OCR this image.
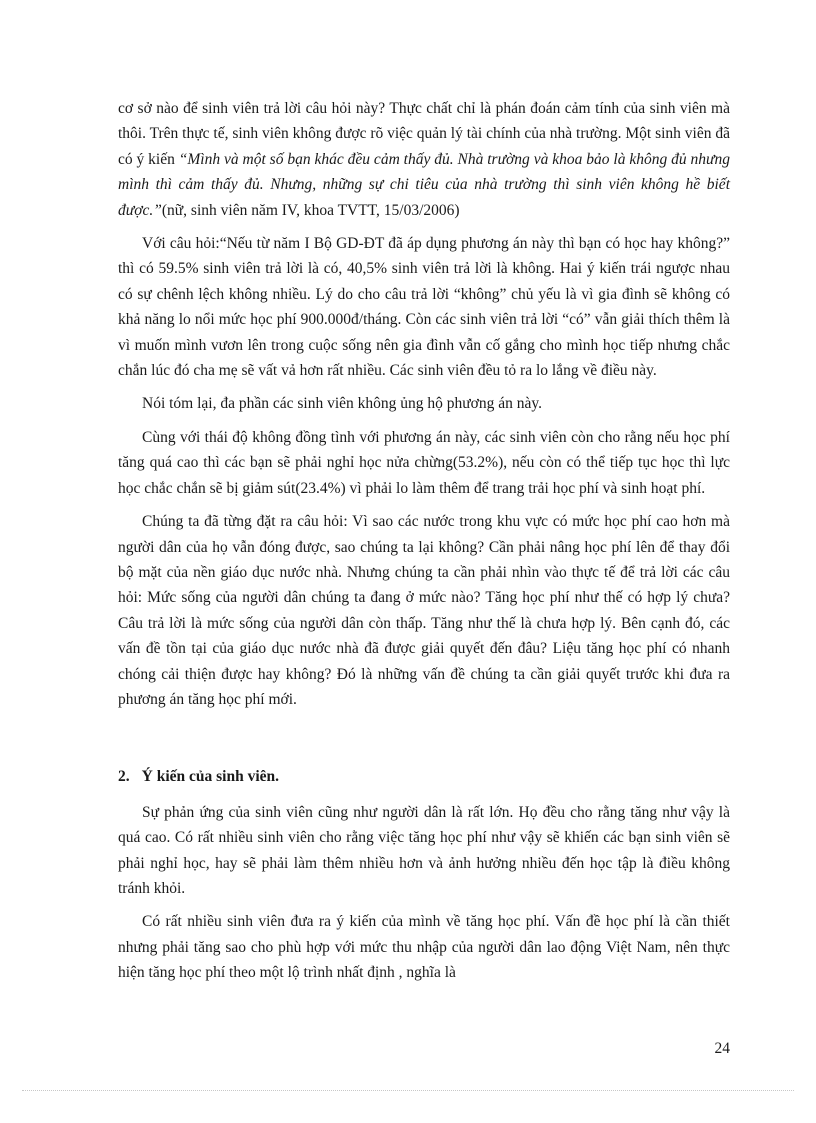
cơ sở nào để sinh viên trả lời câu hỏi này? Thực chất chỉ là phán đoán cảm tính của sinh viên mà thôi. Trên thực tế, sinh viên không được rõ việc quản lý tài chính của nhà trường. Một sinh viên đã có ý kiến “Mình và một số bạn khác đều cảm thấy đủ. Nhà trường và khoa bảo là không đủ nhưng mình thì cảm thấy đủ. Nhưng, những sự chi tiêu của nhà trường thì sinh viên không hề biết được.”(nữ, sinh viên năm IV, khoa TVTT, 15/03/2006)

Với câu hỏi:“Nếu từ năm I Bộ GD-ĐT đã áp dụng phương án này thì bạn có học hay không?” thì có 59.5% sinh viên trả lời là có, 40,5% sinh viên trả lời là không. Hai ý kiến trái ngược nhau có sự chênh lệch không nhiều. Lý do cho câu trả lời “không” chủ yếu là vì gia đình sẽ không có khả năng lo nổi mức học phí 900.000đ/tháng. Còn các sinh viên trả lời “có” vẫn giải thích thêm là vì muốn mình vươn lên trong cuộc sống nên gia đình vẫn cố gắng cho mình học tiếp nhưng chắc chắn lúc đó cha mẹ sẽ vất vả hơn rất nhiều. Các sinh viên đều tỏ ra lo lắng về điều này.

Nói tóm lại, đa phần các sinh viên không ủng hộ phương án này.

Cùng với thái độ không đồng tình với phương án này, các sinh viên còn cho rằng nếu học phí tăng quá cao thì các bạn sẽ phải nghỉ học nửa chừng(53.2%), nếu còn có thể tiếp tục học thì lực học chắc chắn sẽ bị giảm sút(23.4%) vì phải lo làm thêm để trang trải học phí và sinh hoạt phí.

Chúng ta đã từng đặt ra câu hỏi: Vì sao các nước trong khu vực có mức học phí cao hơn mà người dân của họ vẫn đóng được, sao chúng ta lại không? Cần phải nâng học phí lên để thay đổi bộ mặt của nền giáo dục nước nhà. Nhưng chúng ta cần phải nhìn vào thực tế để trả lời các câu hỏi: Mức sống của người dân chúng ta đang ở mức nào? Tăng học phí như thế có hợp lý chưa? Câu trả lời là mức sống của người dân còn thấp. Tăng như thế là chưa hợp lý. Bên cạnh đó, các vấn đề tồn tại của giáo dục nước nhà đã được giải quyết đến đâu? Liệu tăng học phí có nhanh chóng cải thiện được hay không? Đó là những vấn đề chúng ta cần giải quyết trước khi đưa ra phương án tăng học phí mới.

2. Ý kiến của sinh viên.

Sự phản ứng của sinh viên cũng như người dân là rất lớn. Họ đều cho rằng tăng như vậy là quá cao. Có rất nhiều sinh viên cho rằng việc tăng học phí như vậy sẽ khiến các bạn sinh viên sẽ phải nghỉ học, hay sẽ phải làm thêm nhiều hơn và ảnh hưởng nhiều đến học tập là điều không tránh khỏi.

Có rất nhiều sinh viên đưa ra ý kiến của mình về tăng học phí. Vấn đề học phí là cần thiết nhưng phải tăng sao cho phù hợp với mức thu nhập của người dân lao động Việt Nam, nên thực hiện tăng học phí theo một lộ trình nhất định , nghĩa là

24
